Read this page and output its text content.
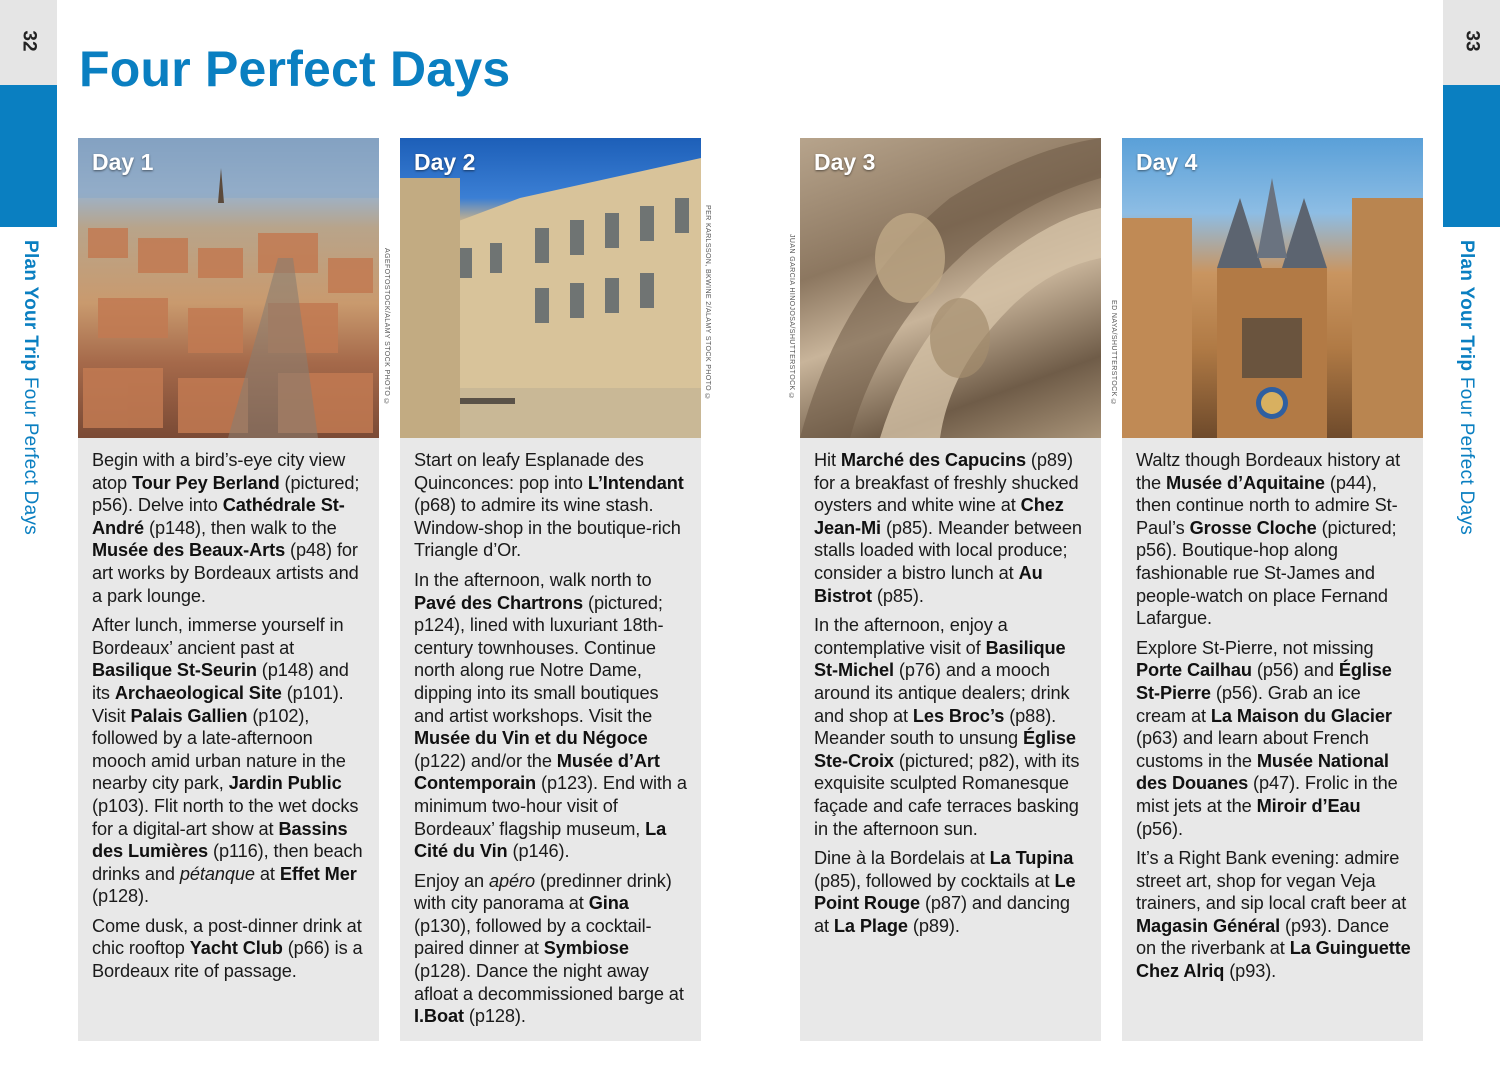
32
Plan Your Trip Four Perfect Days
33
Plan Your Trip Four Perfect Days
Four Perfect Days
Day 1

Begin with a bird’s-eye city view atop Tour Pey Berland (pictured; p56). Delve into Cathédrale St-André (p148), then walk to the Musée des Beaux-Arts (p48) for art works by Bordeaux artists and a park lounge.

After lunch, immerse yourself in Bordeaux’ ancient past at Basilique St-Seurin (p148) and its Archaeological Site (p101). Visit Palais Gallien (p102), followed by a late-afternoon mooch amid urban nature in the nearby city park, Jardin Public (p103). Flit north to the wet docks for a digital-art show at Bassins des Lumières (p116), then beach drinks and pétanque at Effet Mer (p128).

Come dusk, a post-dinner drink at chic rooftop Yacht Club (p66) is a Bordeaux rite of passage.

AGEFOTOSTOCK/ALAMY STOCK PHOTO ©
Day 2

Start on leafy Esplanade des Quinconces: pop into L’Intendant (p68) to admire its wine stash. Window-shop in the boutique-rich Triangle d’Or.

In the afternoon, walk north to Pavé des Chartrons (pictured; p124), lined with luxuriant 18th-century townhouses. Continue north along rue Notre Dame, dipping into its small boutiques and artist workshops. Visit the Musée du Vin et du Négoce (p122) and/or the Musée d’Art Contemporain (p123). End with a minimum two-hour visit of Bordeaux’ flagship museum, La Cité du Vin (p146).

Enjoy an apéro (predinner drink) with city panorama at Gina (p130), followed by a cocktail-paired dinner at Symbiose (p128). Dance the night away afloat a decommissioned barge at I.Boat (p128).

PER KARLSSON, BKWINE 2/ALAMY STOCK PHOTO ©	JUAN GARCIA HINOJOSA/SHUTTERSTOCK ©
Day 3

Hit Marché des Capucins (p89) for a breakfast of freshly shucked oysters and white wine at Chez Jean-Mi (p85). Meander between stalls loaded with local produce; consider a bistro lunch at Au Bistrot (p85).

In the afternoon, enjoy a contemplative visit of Basilique St-Michel (p76) and a mooch around its antique dealers; drink and shop at Les Broc’s (p88). Meander south to unsung Église Ste-Croix (pictured; p82), with its exquisite sculpted Romanesque façade and cafe terraces basking in the afternoon sun.

Dine à la Bordelais at La Tupina (p85), followed by cocktails at Le Point Rouge (p87) and dancing at La Plage (p89).

ED NAYA/SHUTTERSTOCK ©
Day 4

Waltz though Bordeaux history at the Musée d’Aquitaine (p44), then continue north to admire St-Paul’s Grosse Cloche (pictured; p56). Boutique-hop along fashionable rue St-James and people-watch on place Fernand Lafargue.

Explore St-Pierre, not missing Porte Cailhau (p56) and Église St-Pierre (p56). Grab an ice cream at La Maison du Glacier (p63) and learn about French customs in the Musée National des Douanes (p47). Frolic in the mist jets at the Miroir d’Eau (p56).

It’s a Right Bank evening: admire street art, shop for vegan Veja trainers, and sip local craft beer at Magasin Général (p93). Dance on the riverbank at La Guinguette Chez Alriq (p93).
